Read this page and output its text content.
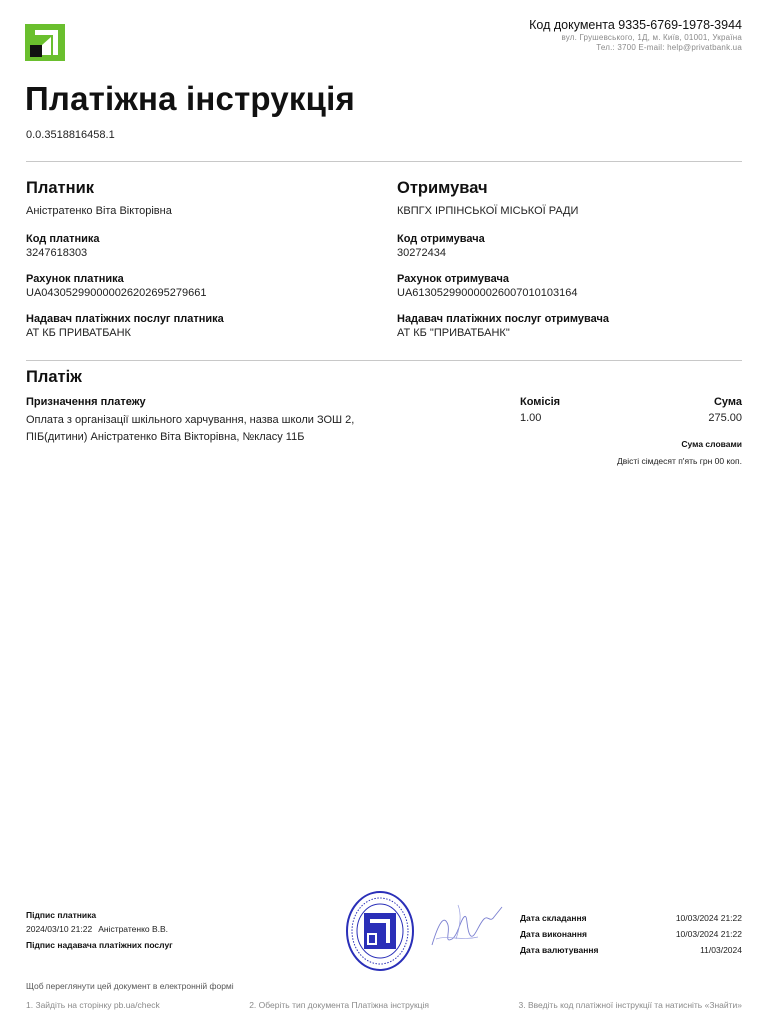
Код документа 9335-6769-1978-3944
вул. Грушевського, 1Д, м. Київ, 01001, Україна
Тел.: 3700 E-mail: help@privatbank.ua
Платіжна інструкція
0.0.3518816458.1
Платник
Аністратенко Віта Вікторівна
Код платника
3247618303
Рахунок платника
UA043052990000026202695279661
Надавач платіжних послуг платника
АТ КБ ПРИВАТБАНК
Отримувач
КВПГХ ІРПІНСЬКОЇ МІСЬКОЇ РАДИ
Код отримувача
30272434
Рахунок отримувача
UA613052990000026007010103164
Надавач платіжних послуг отримувача
АТ КБ "ПРИВАТБАНК"
Платіж
Призначення платежу
Оплата з організації шкільного харчування, назва школи ЗОШ 2, ПІБ(дитини) Аністратенко Віта Вікторівна, №класу 11Б
Комісія
1.00
Сума
275.00
Сума словами
Двісті сімдесят п'ять грн 00 коп.
Підпис платника
2024/03/10 21:22 Аністратенко В.В.
Підпис надавача платіжних послуг
Дата складання	10/03/2024 21:22
Дата виконання	10/03/2024 21:22
Дата валютування	11/03/2024
Щоб переглянути цей документ в електронній формі
1. Зайдіть на сторінку pb.ua/check	2. Оберіть тип документа Платіжна інструкція	3. Введіть код платіжної інструкції та натисніть «Знайти»
